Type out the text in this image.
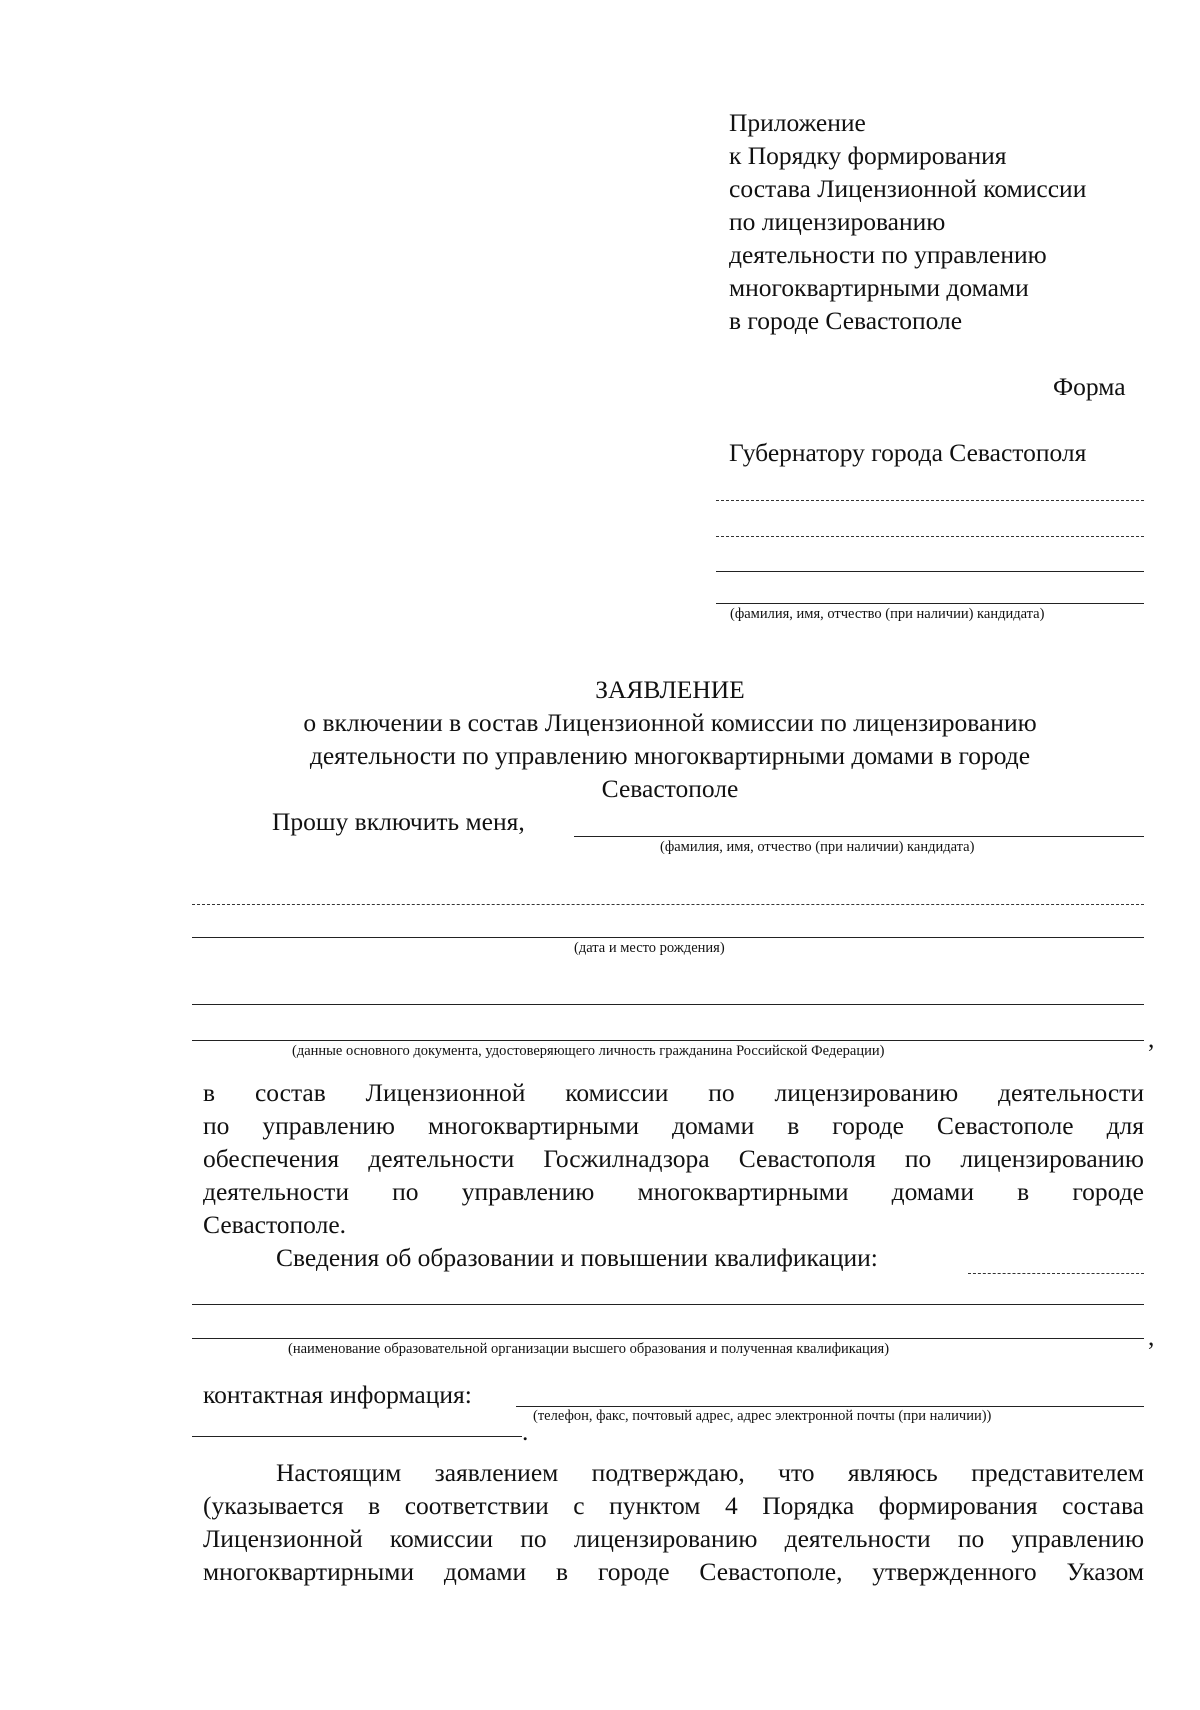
Приложение
к Порядку формирования
состава Лицензионной комиссии
по лицензированию
деятельности по управлению
многоквартирными домами
в городе Севастополе
Форма
Губернатору города Севастополя
(фамилия, имя, отчество (при наличии) кандидата)
ЗАЯВЛЕНИЕ
о включении в состав Лицензионной комиссии по лицензированию
деятельности по управлению многоквартирными домами в городе
Севастополе
Прошу включить меня,
(фамилия, имя, отчество (при наличии) кандидата)
(дата и место рождения)
(данные основного документа, удостоверяющего личность гражданина Российской Федерации)	,
в состав Лицензионной комиссии по лицензированию деятельности
по управлению многоквартирными домами в городе Севастополе для
обеспечения деятельности Госжилнадзора Севастополя по лицензированию
деятельности по управлению многоквартирными домами в городе
Севастополе.
Сведения об образовании и повышении квалификации:
(наименование образовательной организации высшего образования и полученная квалификация)	,
контактная информация:
(телефон, факс, почтовый адрес, адрес электронной почты (при наличии))
.
Настоящим заявлением подтверждаю, что являюсь представителем
(указывается в соответствии с пунктом 4 Порядка формирования состава
Лицензионной комиссии по лицензированию деятельности по управлению
многоквартирными домами в городе Севастополе, утвержденного Указом
